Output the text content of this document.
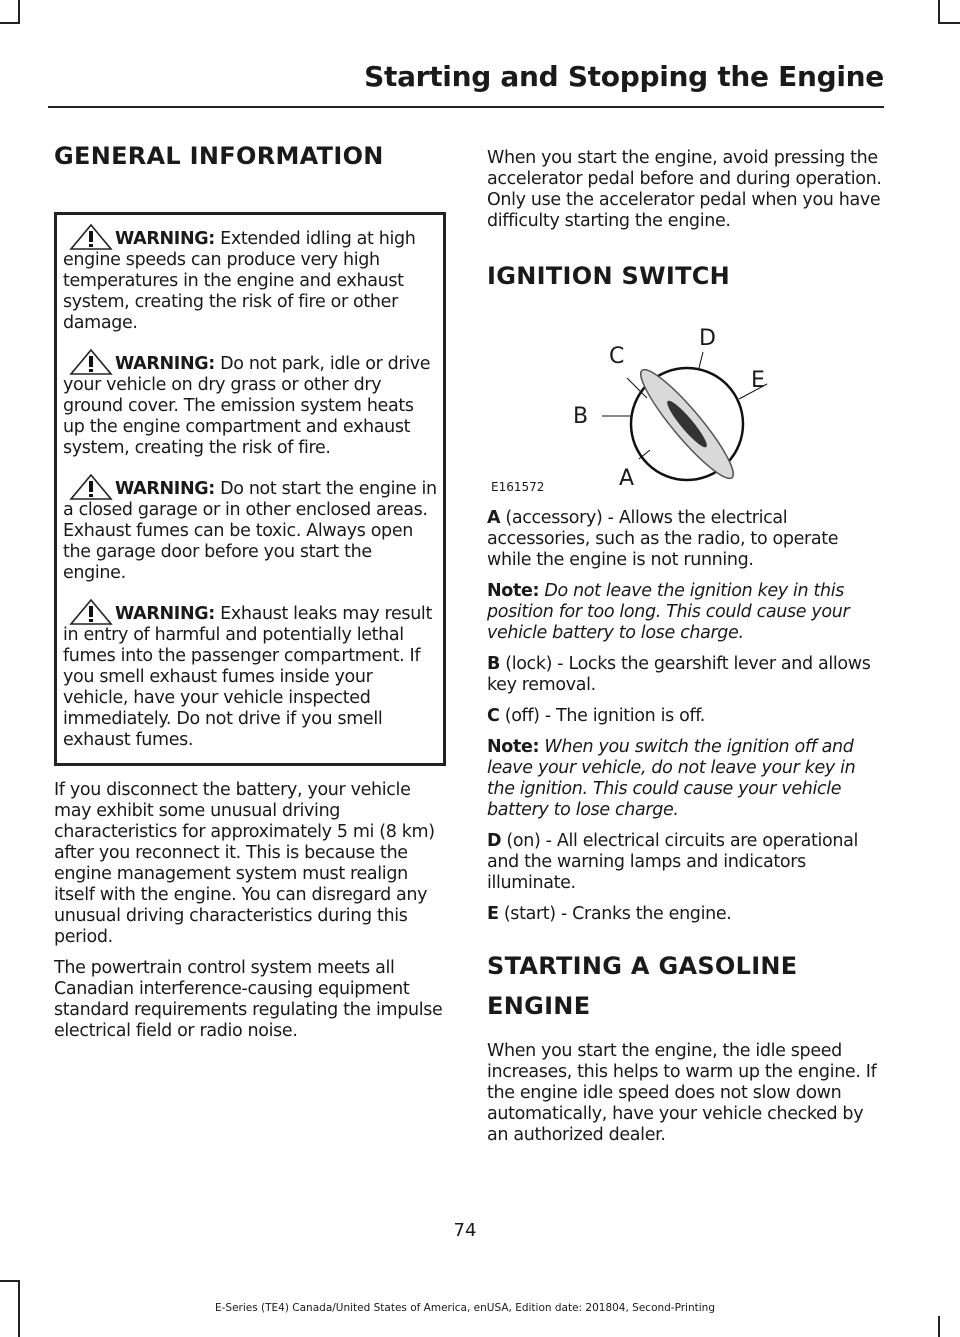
Starting and Stopping the Engine
GENERAL INFORMATION
WARNING: Extended idling at high engine speeds can produce very high temperatures in the engine and exhaust system, creating the risk of fire or other damage.
WARNING: Do not park, idle or drive your vehicle on dry grass or other dry ground cover. The emission system heats up the engine compartment and exhaust system, creating the risk of fire.
WARNING: Do not start the engine in a closed garage or in other enclosed areas. Exhaust fumes can be toxic. Always open the garage door before you start the engine.
WARNING: Exhaust leaks may result in entry of harmful and potentially lethal fumes into the passenger compartment. If you smell exhaust fumes inside your vehicle, have your vehicle inspected immediately. Do not drive if you smell exhaust fumes.

If you disconnect the battery, your vehicle may exhibit some unusual driving characteristics for approximately 5 mi (8 km) after you reconnect it. This is because the engine management system must realign itself with the engine. You can disregard any unusual driving characteristics during this period.

The powertrain control system meets all Canadian interference-causing equipment standard requirements regulating the impulse electrical field or radio noise.

When you start the engine, avoid pressing the accelerator pedal before and during operation. Only use the accelerator pedal when you have difficulty starting the engine.

IGNITION SWITCH
C
D
E
B
A
E161572

A (accessory) - Allows the electrical accessories, such as the radio, to operate while the engine is not running.

Note: Do not leave the ignition key in this position for too long. This could cause your vehicle battery to lose charge.

B (lock) - Locks the gearshift lever and allows key removal.

C (off) - The ignition is off.

Note: When you switch the ignition off and leave your vehicle, do not leave your key in the ignition. This could cause your vehicle battery to lose charge.

D (on) - All electrical circuits are operational and the warning lamps and indicators illuminate.

E (start) - Cranks the engine.

STARTING A GASOLINE
ENGINE

When you start the engine, the idle speed increases, this helps to warm up the engine. If the engine idle speed does not slow down automatically, have your vehicle checked by an authorized dealer.

74
E-Series (TE4) Canada/United States of America, enUSA, Edition date: 201804, Second-Printing
